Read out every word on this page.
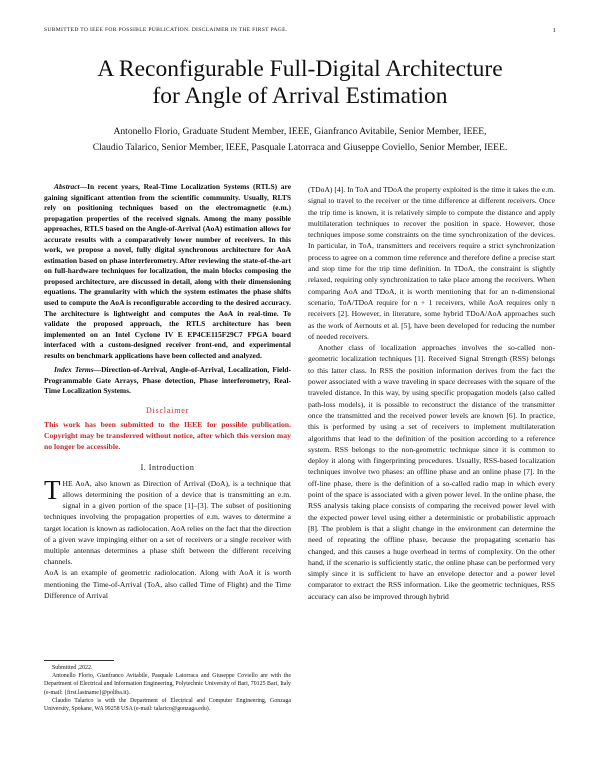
SUBMITTED TO IEEE FOR POSSIBLE PUBLICATION. DISCLAIMER IN THE FIRST PAGE.	1
A Reconfigurable Full-Digital Architecture
for Angle of Arrival Estimation
Antonello Florio, Graduate Student Member, IEEE, Gianfranco Avitabile, Senior Member, IEEE,
Claudio Talarico, Senior Member, IEEE, Pasquale Latorraca and Giuseppe Coviello, Senior Member, IEEE.

Abstract—In recent years, Real-Time Localization Systems (RTLS) are gaining significant attention from the scientific community. Usually, RLTS rely on positioning techniques based on the electromagnetic (e.m.) propagation properties of the received signals. Among the many possible approaches, RTLS based on the Angle-of-Arrival (AoA) estimation allows for accurate results with a comparatively lower number of receivers. In this work, we propose a novel, fully digital synchronous architecture for AoA estimation based on phase interferometry. After reviewing the state-of-the-art on full-hardware techniques for localization, the main blocks composing the proposed architecture, are discussed in detail, along with their dimensioning equations. The granularity with which the system estimates the phase shifts used to compute the AoA is reconfigurable according to the desired accuracy. The architecture is lightweight and computes the AoA in real-time. To validate the proposed approach, the RTLS architecture has been implemented on an Intel Cyclone IV E EP4CE115F29C7 FPGA board interfaced with a custom-designed receiver front-end, and experimental results on benchmark applications have been collected and analyzed.

Index Terms—Direction-of-Arrival, Angle-of-Arrival, Localization, Field-Programmable Gate Arrays, Phase detection, Phase interferometry, Real-Time Localization Systems.

Disclaimer

This work has been submitted to the IEEE for possible publication. Copyright may be transferred without notice, after which this version may no longer be accessible.

I. Introduction
THE AoA, also known as Direction of Arrival (DoA), is a technique that allows determining the position of a device that is transmitting an e.m. signal in a given portion of the space [1]–[3]. The subset of positioning techniques involving the propagation properties of e.m. waves to determine a target location is known as radiolocation. AoA relies on the fact that the direction of a given wave impinging either on a set of receivers or a single receiver with multiple antennas determines a phase shift between the different receiving channels.

AoA is an example of geometric radiolocation. Along with AoA it is worth mentioning the Time-of-Arrival (ToA, also called Time of Flight) and the Time Difference of Arrival

Submitted ,2022.

Antonello Florio, Gianfranco Avitabile, Pasquale Latorraca and Giuseppe Coviello are with the Department of Electrical and Information Engineering, Polytechnic University of Bari, 70125 Bari, Italy (e-mail: {first.lastname}@poliba.it).

Claudio Talarico is with the Department of Electrical and Computer Engineering, Gonzaga University, Spokane, WA 99258 USA (e-mail: talarico@gonzaga.edu).

(TDoA) [4]. In ToA and TDoA the property exploited is the time it takes the e.m. signal to travel to the receiver or the time difference at different receivers. Once the trip time is known, it is relatively simple to compute the distance and apply multilateration techniques to recover the position in space. However, those techniques impose some constraints on the time synchronization of the devices. In particular, in ToA, transmitters and receivers require a strict synchronization process to agree on a common time reference and therefore define a precise start and stop time for the trip time definition. In TDoA, the constraint is slightly relaxed, requiring only synchronization to take place among the receivers. When comparing AoA and TDoA, it is worth mentioning that for an n-dimensional scenario, ToA/TDoA require for n + 1 receivers, while AoA requires only n receivers [2]. However, in literature, some hybrid TDoA/AoA approaches such as the work of Aernouts et al. [5], have been developed for reducing the number of needed receivers.

Another class of localization approaches involves the so-called non-geometric localization techniques [1]. Received Signal Strength (RSS) belongs to this latter class. In RSS the position information derives from the fact the power associated with a wave traveling in space decreases with the square of the traveled distance. In this way, by using specific propagation models (also called path-loss models), it is possible to reconstruct the distance of the transmitter once the transmitted and the received power levels are known [6]. In practice, this is performed by using a set of receivers to implement multilateration algorithms that lead to the definition of the position according to a reference system. RSS belongs to the non-geometric technique since it is common to deploy it along with fingerprinting procedures. Usually, RSS-based localization techniques involve two phases: an offline phase and an online phase [7]. In the off-line phase, there is the definition of a so-called radio map in which every point of the space is associated with a given power level. In the online phase, the RSS analysis taking place consists of comparing the received power level with the expected power level using either a deterministic or probabilistic approach [8]. The problem is that a slight change in the environment can determine the need of repeating the offline phase, because the propagating scenario has changed, and this causes a huge overhead in terms of complexity. On the other hand, if the scenario is sufficiently static, the online phase can be performed very simply since it is sufficient to have an envelope detector and a power level comparator to extract the RSS information. Like the geometric techniques, RSS accuracy can also be improved through hybrid
